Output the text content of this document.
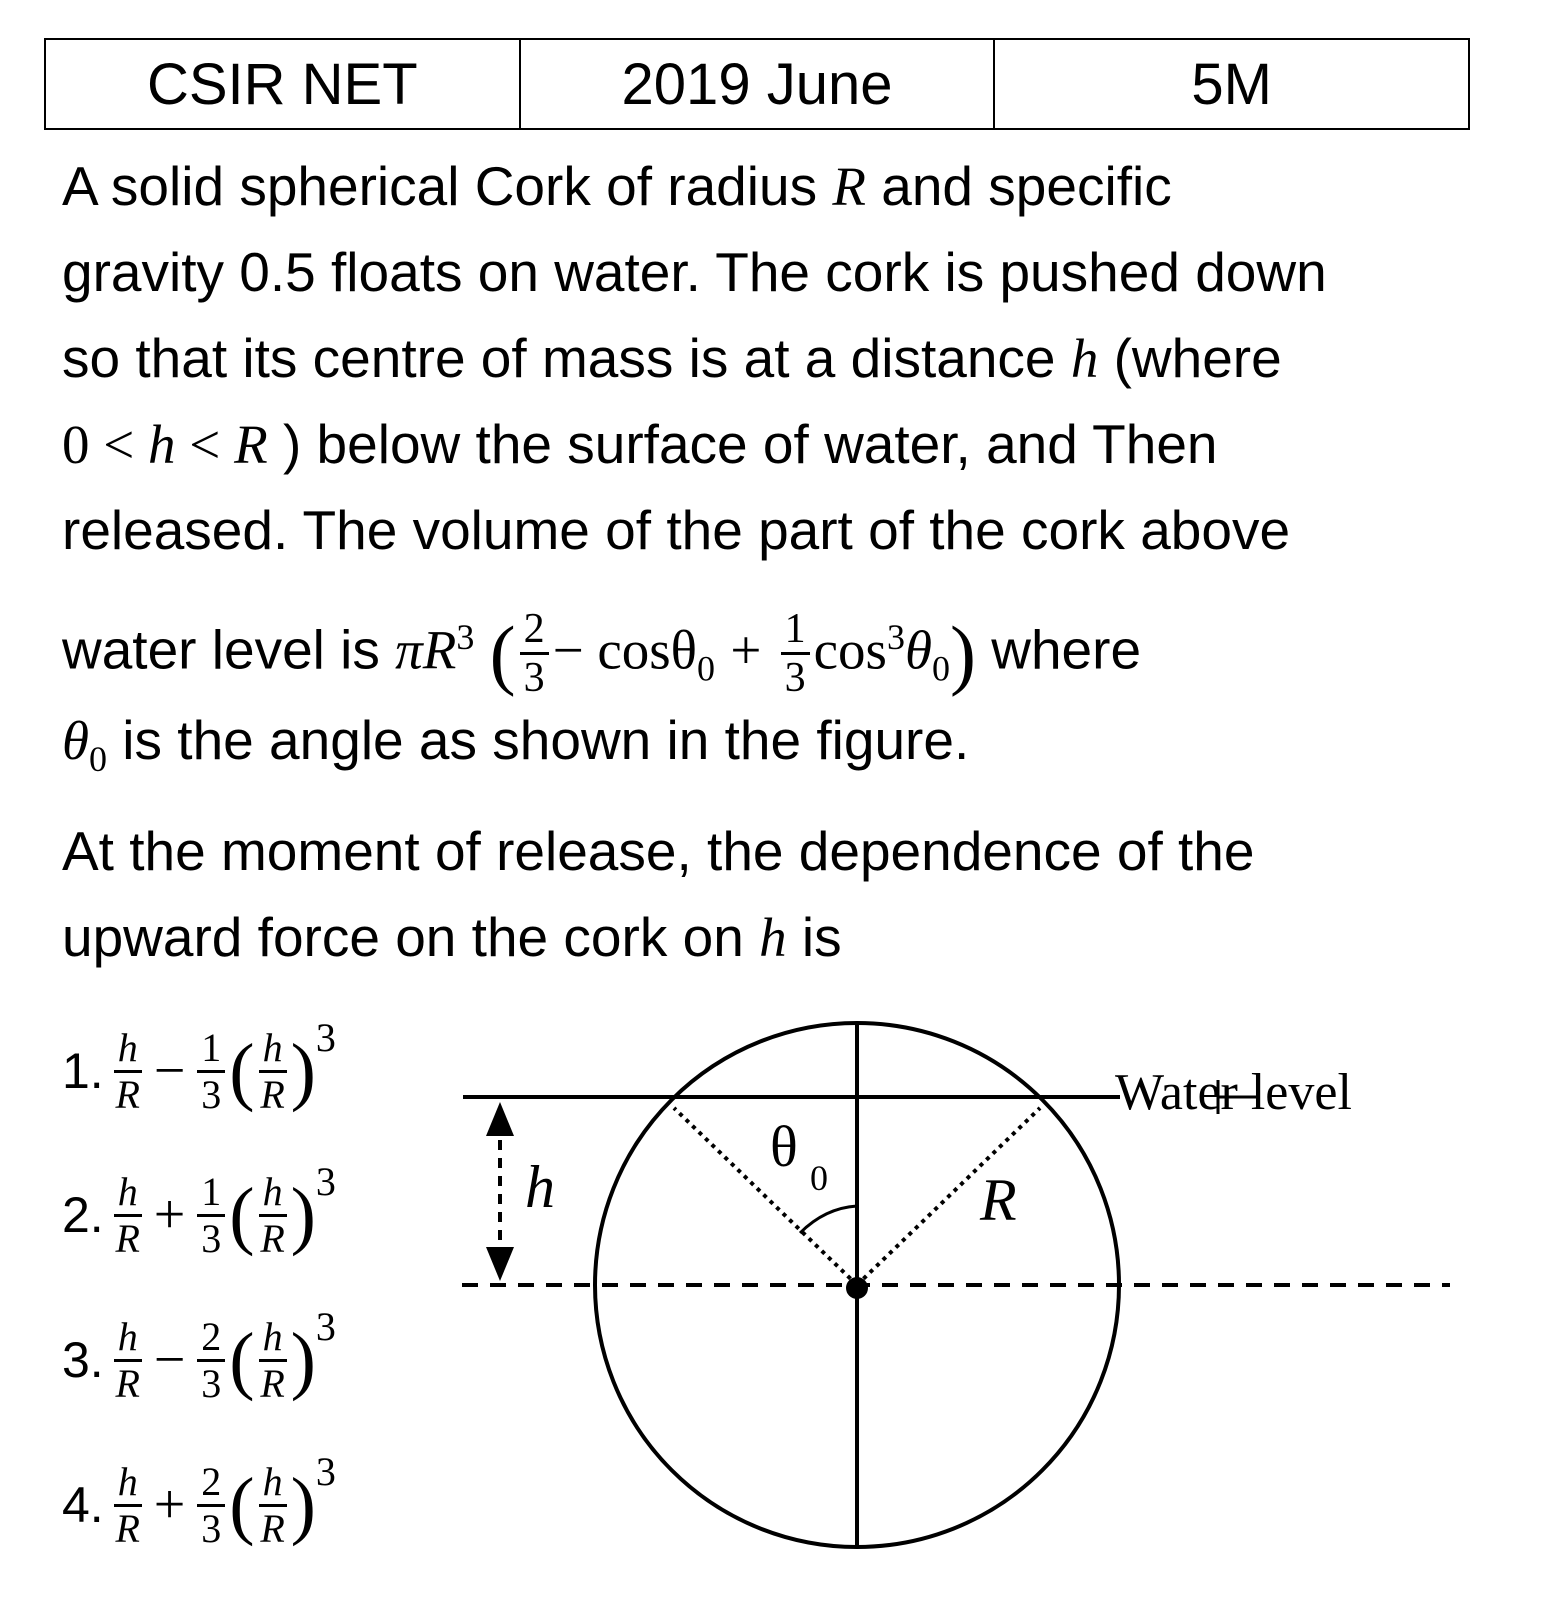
CSIR NET	2019 June	5M
A solid spherical Cork of radius R and specific
gravity 0.5 floats on water. The cork is pushed down
so that its centre of mass is at a distance h (where
0 < h < R ) below the surface of water, and Then
released. The volume of the part of the cork above
water level is $\pi R^3$ ( $\frac{2}{3} - \cos\theta_0 + \frac{1}{3} \cos^3\theta_0$) where
$\theta_0$ is the angle as shown in the figure.
At the moment of release, the dependence of the
upward force on the cork on h is
1. $\frac{h}{R} - \frac{1}{3}$ ( $\frac{h}{R}$ ) 3
2. $\frac{h}{R} + \frac{1}{3}$ ( $\frac{h}{R}$ ) 3
3. $\frac{h}{R} - \frac{2}{3}$ ( $\frac{h}{R}$ ) 3
4. $\frac{h}{R} + \frac{2}{3}$ ( $\frac{h}{R}$ ) 3
Water level
h	R
θ 0
